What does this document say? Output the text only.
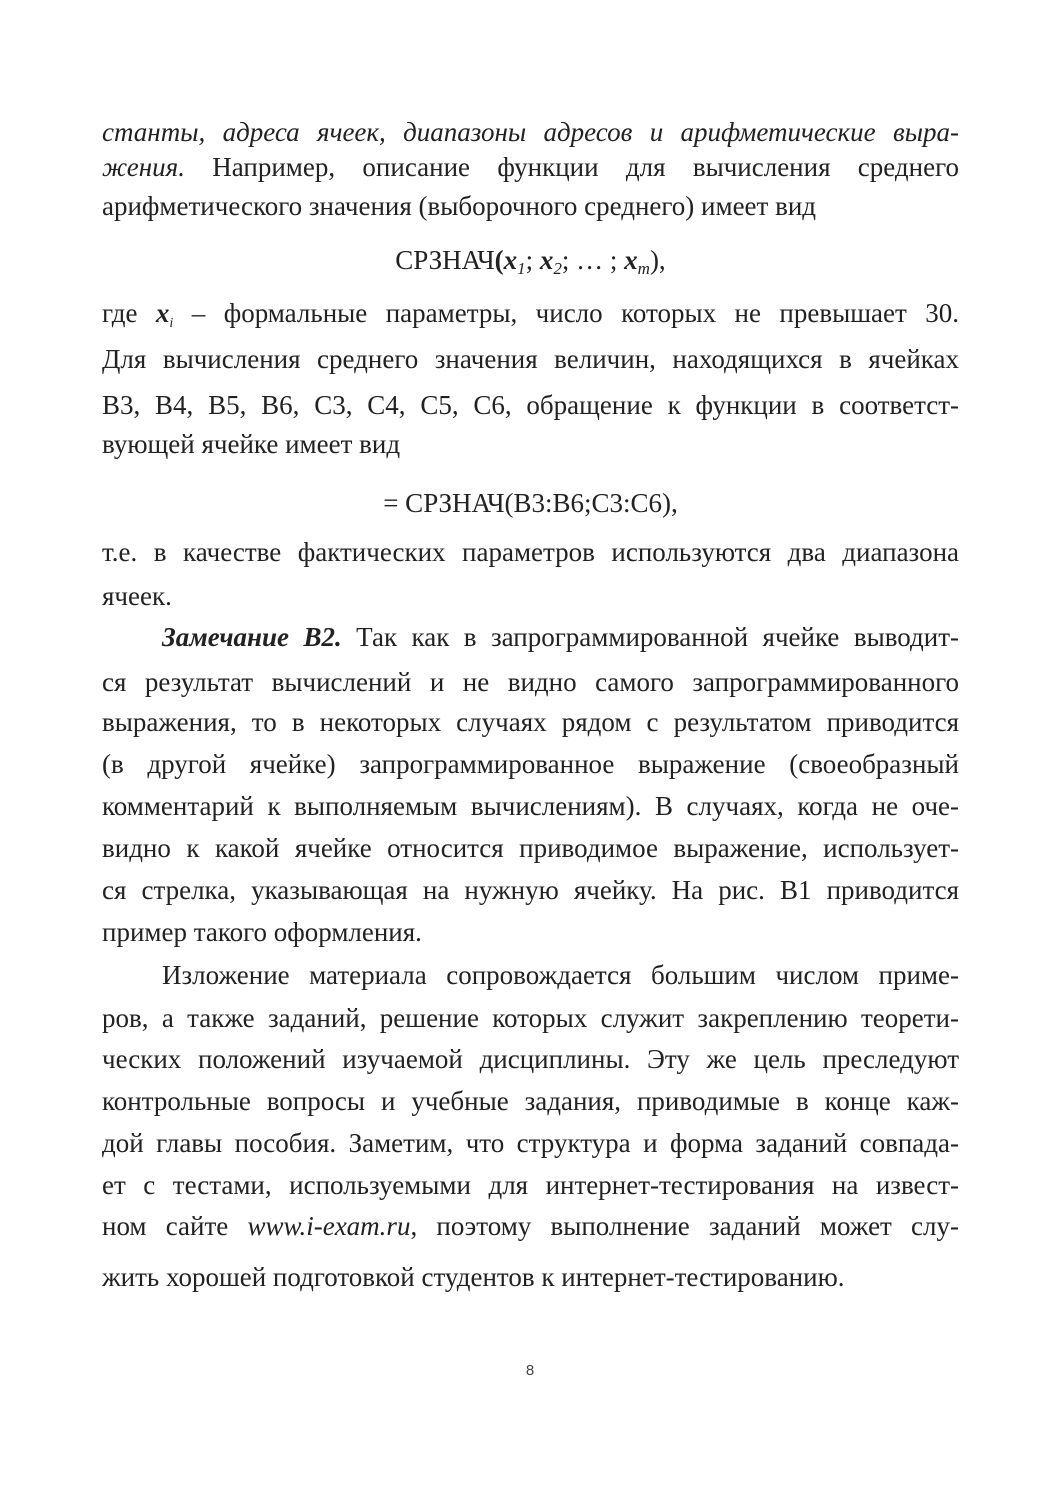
станты, адреса ячеек, диапазоны адресов и арифметические выра-
жения. Например, описание функции для вычисления среднего
арифметического значения (выборочного среднего) имеет вид
$СРЗНАЧ(x_1$; $x_2$; … ; $x_m$),
где $x_i$ – формальные параметры, число которых не превышает 30.
Для вычисления среднего значения величин, находящихся в ячейках
B3, B4, B5, B6, C3, C4, C5, C6, обращение к функции в соответст-
вующей ячейке имеет вид
= СРЗНАЧ(B3:B6;C3:C6),
т.е. в качестве фактических параметров используются два диапазона
ячеек.
Замечание В2. Так как в запрограммированной ячейке выводит-
ся результат вычислений и не видно самого запрограммированного
выражения, то в некоторых случаях рядом с результатом приводится
(в другой ячейке) запрограммированное выражение (своеобразный
комментарий к выполняемым вычислениям). В случаях, когда не оче-
видно к какой ячейке относится приводимое выражение, использует-
ся стрелка, указывающая на нужную ячейку. На рис. В1 приводится
пример такого оформления.
Изложение материала сопровождается большим числом приме-
ров, а также заданий, решение которых служит закреплению теорети-
ческих положений изучаемой дисциплины. Эту же цель преследуют
контрольные вопросы и учебные задания, приводимые в конце каж-
дой главы пособия. Заметим, что структура и форма заданий совпада-
ет с тестами, используемыми для интернет-тестирования на извест-
ном сайте www.i-exam.ru, поэтому выполнение заданий может слу-
жить хорошей подготовкой студентов к интернет-тестированию.
8
